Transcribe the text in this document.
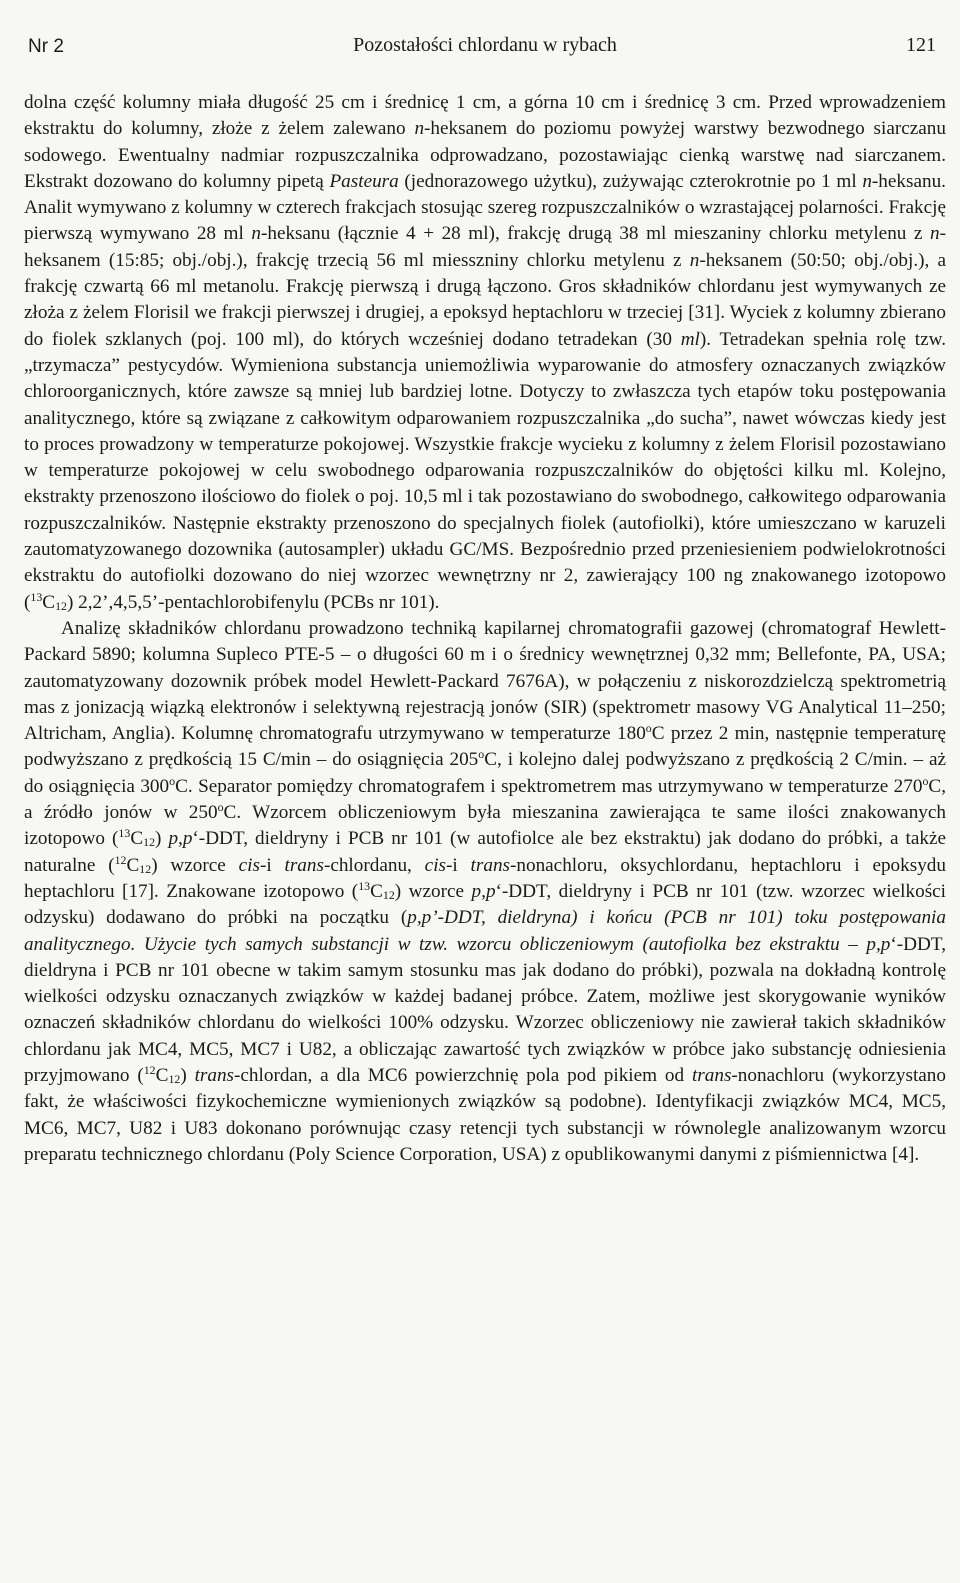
Nr 2	Pozostałości chlordanu w rybach	121

dolna część kolumny miała długość 25 cm i średnicę 1 cm, a górna 10 cm i średnicę 3 cm. Przed wprowadzeniem ekstraktu do kolumny, złoże z żelem zalewano n-heksanem do poziomu powyżej warstwy bezwodnego siarczanu sodowego. Ewentualny nadmiar rozpuszczalnika odprowadzano, pozostawiając cienką warstwę nad siarczanem. Ekstrakt dozowano do kolumny pipetą Pasteura (jednorazowego użytku), zużywając czterokrotnie po 1 ml n-heksanu. Analit wymywano z kolumny w czterech frakcjach stosując szereg rozpuszczalników o wzrastającej polarności. Frakcję pierwszą wymywano 28 ml n-heksanu (łącznie 4 + 28 ml), frakcję drugą 38 ml mieszaniny chlorku metylenu z n-heksanem (15:85; obj./obj.), frakcję trzecią 56 ml miesszniny chlorku metylenu z n-heksanem (50:50; obj./obj.), a frakcję czwartą 66 ml metanolu. Frakcję pierwszą i drugą łączono. Gros składników chlordanu jest wymywanych ze złoża z żelem Florisil we frakcji pierwszej i drugiej, a epoksyd heptachloru w trzeciej [31]. Wyciek z kolumny zbierano do fiolek szklanych (poj. 100 ml), do których wcześniej dodano tetradekan (30 ml). Tetradekan spełnia rolę tzw. „trzymacza” pestycydów. Wymieniona substancja uniemożliwia wyparowanie do atmosfery oznaczanych związków chloroorganicznych, które zawsze są mniej lub bardziej lotne. Dotyczy to zwłaszcza tych etapów toku postępowania analitycznego, które są związane z całkowitym odparowaniem rozpuszczalnika „do sucha”, nawet wówczas kiedy jest to proces prowadzony w temperaturze pokojowej. Wszystkie frakcje wycieku z kolumny z żelem Florisil pozostawiano w temperaturze pokojowej w celu swobodnego odparowania rozpuszczalników do objętości kilku ml. Kolejno, ekstrakty przenoszono ilościowo do fiolek o poj. 10,5 ml i tak pozostawiano do swobodnego, całkowitego odparowania rozpuszczalników. Następnie ekstrakty przenoszono do specjalnych fiolek (autofiolki), które umieszczano w karuzeli zautomatyzowanego dozownika (autosampler) układu GC/MS. Bezpośrednio przed przeniesieniem podwielokrotności ekstraktu do autofiolki dozowano do niej wzorzec wewnętrzny nr 2, zawierający 100 ng znakowanego izotopowo $(^{13}C_{12})$ 2,2’,4,5,5’-pentachlorobifenylu (PCBs nr 101).

Analizę składników chlordanu prowadzono techniką kapilarnej chromatografii gazowej (chromatograf Hewlett-Packard 5890; kolumna Supleco PTE-5 – o długości 60 m i o średnicy wewnętrznej 0,32 mm; Bellefonte, PA, USA; zautomatyzowany dozownik próbek model Hewlett-Packard 7676A), w połączeniu z niskorozdzielczą spektrometrią mas z jonizacją wiązką elektronów i selektywną rejestracją jonów (SIR) (spektrometr masowy VG Analytical 11–250; Altricham, Anglia). Kolumnę chromatografu utrzymywano w temperaturze 180$^o$C przez 2 min, następnie temperaturę podwyższano z prędkością 15 C/min – do osiągnięcia 205$^o$C, i kolejno dalej podwyższano z prędkością 2 C/min. – aż do osiągnięcia 300$^o$C. Separator pomiędzy chromatografem i spektrometrem mas utrzymywano w temperaturze 270$^o$C, a źródło jonów w 250$^o$C. Wzorcem obliczeniowym była mieszanina zawierająca te same ilości znakowanych izotopowo $(^{13}C_{12})$ p,p‘-DDT, dieldryny i PCB nr 101 (w autofiolce ale bez ekstraktu) jak dodano do próbki, a także naturalne $(^{12}C_{12})$ wzorce cis-i trans-chlordanu, cis-i trans-nonachloru, oksychlordanu, heptachloru i epoksydu heptachloru [17]. Znakowane izotopowo $(^{13}C_{12})$ wzorce p,p‘-DDT, dieldryny i PCB nr 101 (tzw. wzorzec wielkości odzysku) dodawano do próbki na początku (p,p’-DDT, dieldryna) i końcu (PCB nr 101) toku postępowania analitycznego. Użycie tych samych substancji w tzw. wzorcu obliczeniowym (autofiolka bez ekstraktu – p,p‘-DDT, dieldryna i PCB nr 101 obecne w takim samym stosunku mas jak dodano do próbki), pozwala na dokładną kontrolę wielkości odzysku oznaczanych związków w każdej badanej próbce. Zatem, możliwe jest skorygowanie wyników oznaczeń składników chlordanu do wielkości 100% odzysku. Wzorzec obliczeniowy nie zawierał takich składników chlordanu jak MC4, MC5, MC7 i U82, a obliczając zawartość tych związków w próbce jako substancję odniesienia przyjmowano $(^{12}C_{12})$ trans-chlordan, a dla MC6 powierzchnię pola pod pikiem od trans-nonachloru (wykorzystano fakt, że właściwości fizykochemiczne wymienionych związków są podobne). Identyfikacji związków MC4, MC5, MC6, MC7, U82 i U83 dokonano porównując czasy retencji tych substancji w równolegle analizowanym wzorcu preparatu technicznego chlordanu (Poly Science Corporation, USA) z opublikowanymi danymi z piśmiennictwa [4].
